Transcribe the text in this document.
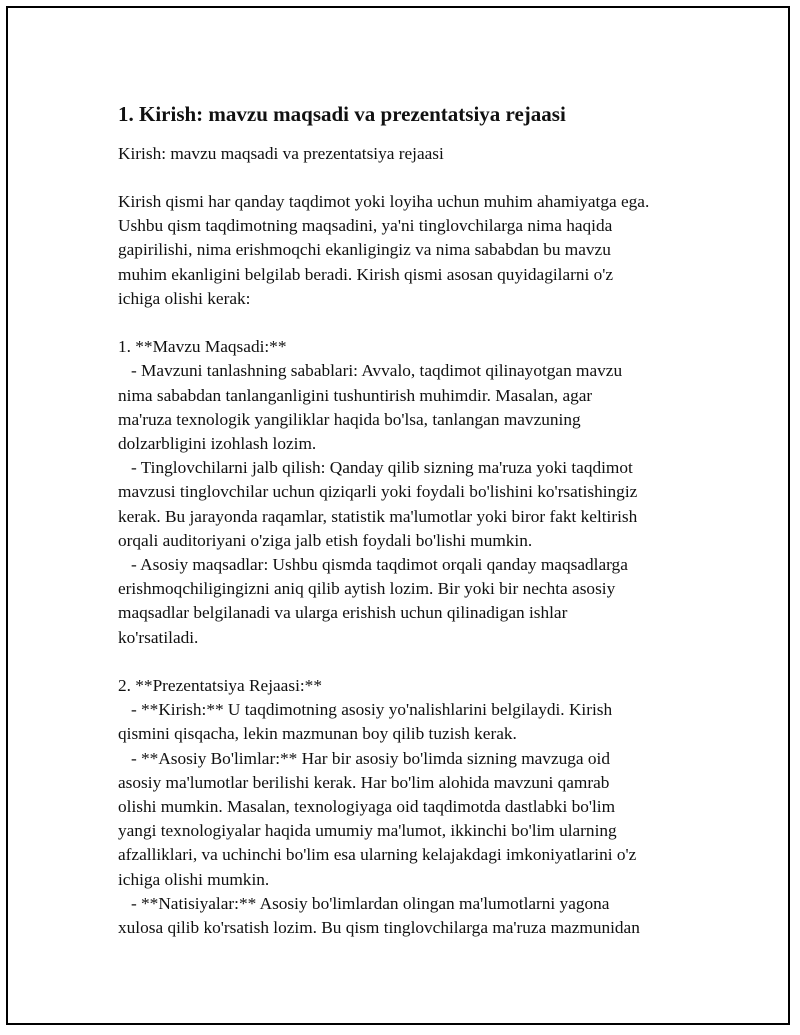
1. Kirish: mavzu maqsadi va prezentatsiya rejaasi

Kirish: mavzu maqsadi va prezentatsiya rejaasi

Kirish qismi har qanday taqdimot yoki loyiha uchun muhim ahamiyatga ega.
Ushbu qism taqdimotning maqsadini, ya'ni tinglovchilarga nima haqida
gapirilishi, nima erishmoqchi ekanligingiz va nima sababdan bu mavzu
muhim ekanligini belgilab beradi. Kirish qismi asosan quyidagilarni o'z
ichiga olishi kerak:

1. **Mavzu Maqsadi:**
- Mavzuni tanlashning sabablari: Avvalo, taqdimot qilinayotgan mavzu
nima sababdan tanlanganligini tushuntirish muhimdir. Masalan, agar
ma'ruza texnologik yangiliklar haqida bo'lsa, tanlangan mavzuning
dolzarbligini izohlash lozim.
- Tinglovchilarni jalb qilish: Qanday qilib sizning ma'ruza yoki taqdimot
mavzusi tinglovchilar uchun qiziqarli yoki foydali bo'lishini ko'rsatishingiz
kerak. Bu jarayonda raqamlar, statistik ma'lumotlar yoki biror fakt keltirish
orqali auditoriyani o'ziga jalb etish foydali bo'lishi mumkin.
- Asosiy maqsadlar: Ushbu qismda taqdimot orqali qanday maqsadlarga
erishmoqchiligingizni aniq qilib aytish lozim. Bir yoki bir nechta asosiy
maqsadlar belgilanadi va ularga erishish uchun qilinadigan ishlar
ko'rsatiladi.

2. **Prezentatsiya Rejaasi:**
- **Kirish:** U taqdimotning asosiy yo'nalishlarini belgilaydi. Kirish
qismini qisqacha, lekin mazmunan boy qilib tuzish kerak.
- **Asosiy Bo'limlar:** Har bir asosiy bo'limda sizning mavzuga oid
asosiy ma'lumotlar berilishi kerak. Har bo'lim alohida mavzuni qamrab
olishi mumkin. Masalan, texnologiyaga oid taqdimotda dastlabki bo'lim
yangi texnologiyalar haqida umumiy ma'lumot, ikkinchi bo'lim ularning
afzalliklari, va uchinchi bo'lim esa ularning kelajakdagi imkoniyatlarini o'z
ichiga olishi mumkin.
- **Natisiyalar:** Asosiy bo'limlardan olingan ma'lumotlarni yagona
xulosa qilib ko'rsatish lozim. Bu qism tinglovchilarga ma'ruza mazmunidan
